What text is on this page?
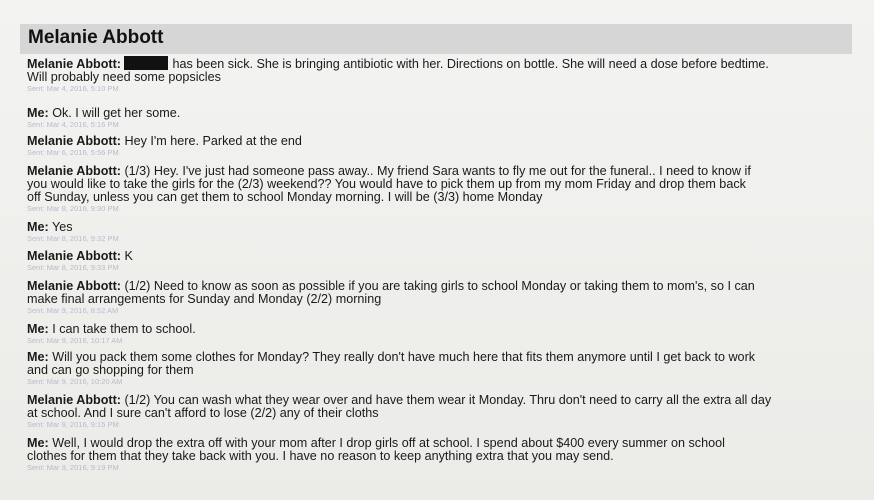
Melanie Abbott
Melanie Abbott:	has been sick. She is bringing antibiotic with her. Directions on bottle. She will need a dose before bedtime.
Will probably need some popsicles
Sent: Mar 4, 2016, 5:10 PM
Me: Ok. I will get her some.
Sent: Mar 4, 2016, 5:16 PM
Melanie Abbott: Hey I'm here. Parked at the end
Sent: Mar 6, 2016, 5:56 PM
Melanie Abbott: (1/3) Hey. I've just had someone pass away.. My friend Sara wants to fly me out for the funeral.. I need to know if
you would like to take the girls for the (2/3) weekend?? You would have to pick them up from my mom Friday and drop them back
off Sunday, unless you can get them to school Monday morning. I will be (3/3) home Monday
Sent: Mar 8, 2016, 9:30 PM
Me: Yes
Sent: Mar 8, 2016, 9:32 PM
Melanie Abbott: K
Sent: Mar 8, 2016, 9:33 PM
Melanie Abbott: (1/2) Need to know as soon as possible if you are taking girls to school Monday or taking them to mom's, so I can
make final arrangements for Sunday and Monday (2/2) morning
Sent: Mar 9, 2016, 8:52 AM
Me: I can take them to school.
Sent: Mar 9, 2016, 10:17 AM
Me: Will you pack them some clothes for Monday? They really don't have much here that fits them anymore until I get back to work
and can go shopping for them
Sent: Mar 9, 2016, 10:20 AM
Melanie Abbott: (1/2) You can wash what they wear over and have them wear it Monday. Thru don't need to carry all the extra all day
at school. And I sure can't afford to lose (2/2) any of their cloths
Sent: Mar 9, 2016, 9:15 PM
Me: Well, I would drop the extra off with your mom after I drop girls off at school. I spend about $400 every summer on school
clothes for them that they take back with you. I have no reason to keep anything extra that you may send.
Sent: Mar 9, 2016, 9:19 PM
